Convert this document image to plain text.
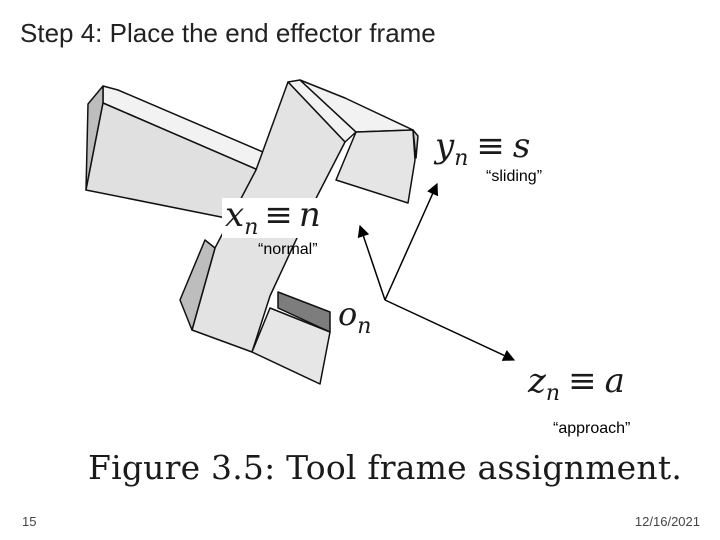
Step 4: Place the end effector frame
$y_n \equiv s$
$x_n \equiv n$
$o_n$
$z_n \equiv a$
“sliding”
“normal”
“approach”
Figure 3.5: Tool frame assignment.
15	12/16/2021
